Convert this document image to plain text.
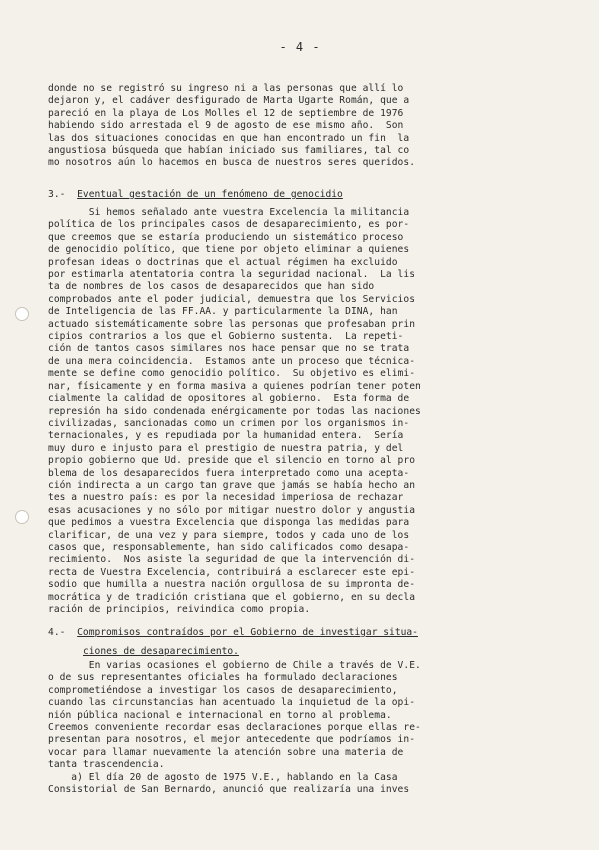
- 4 -
donde no se registró su ingreso ni a las personas que allí lo
dejaron y, el cadáver desfigurado de Marta Ugarte Román, que a
pareció en la playa de Los Molles el 12 de septiembre de 1976
habiendo sido arrestada el 9 de agosto de ese mismo año.  Son
las dos situaciones conocidas en que han encontrado un fin  la
angustiosa búsqueda que habían iniciado sus familiares, tal co
mo nosotros aún lo hacemos en busca de nuestros seres queridos.
3.- Eventual gestación de un fenómeno de genocidio
Si hemos señalado ante vuestra Excelencia la militancia
política de los principales casos de desaparecimiento, es por-
que creemos que se estaría produciendo un sistemático proceso
de genocidio político, que tiene por objeto eliminar a quienes
profesan ideas o doctrinas que el actual régimen ha excluido
por estimarla atentatoria contra la seguridad nacional.  La lis
ta de nombres de los casos de desaparecidos que han sido
comprobados ante el poder judicial, demuestra que los Servicios
de Inteligencia de las FF.AA. y particularmente la DINA, han
actuado sistemáticamente sobre las personas que profesaban prin
cipios contrarios a los que el Gobierno sustenta.  La repeti-
ción de tantos casos similares nos hace pensar que no se trata
de una mera coincidencia.  Estamos ante un proceso que técnica-
mente se define como genocidio político.  Su objetivo es elimi-
nar, físicamente y en forma masiva a quienes podrían tener poten
cialmente la calidad de opositores al gobierno.  Esta forma de
represión ha sido condenada enérgicamente por todas las naciones
civilizadas, sancionadas como un crimen por los organismos in-
ternacionales, y es repudiada por la humanidad entera.  Sería
muy duro e injusto para el prestigio de nuestra patria, y del
propio gobierno que Ud. preside que el silencio en torno al pro
blema de los desaparecidos fuera interpretado como una acepta-
ción indirecta a un cargo tan grave que jamás se había hecho an
tes a nuestro país: es por la necesidad imperiosa de rechazar
esas acusaciones y no sólo por mitigar nuestro dolor y angustia
que pedimos a vuestra Excelencia que disponga las medidas para
clarificar, de una vez y para siempre, todos y cada uno de los
casos que, responsablemente, han sido calificados como desapa-
recimiento.  Nos asiste la seguridad de que la intervención di-
recta de Vuestra Excelencia, contribuirá a esclarecer este epi-
sodio que humilla a nuestra nación orgullosa de su impronta de-
mocrática y de tradición cristiana que el gobierno, en su decla
ración de principios, reivindica como propia.
4.- Compromisos contraídos por el Gobierno de investigar situa-
ciones de desaparecimiento.
En varias ocasiones el gobierno de Chile a través de V.E.
o de sus representantes oficiales ha formulado declaraciones
comprometiéndose a investigar los casos de desaparecimiento,
cuando las circunstancias han acentuado la inquietud de la opi-
nión pública nacional e internacional en torno al problema.
Creemos conveniente recordar esas declaraciones porque ellas re-
presentan para nosotros, el mejor antecedente que podríamos in-
vocar para llamar nuevamente la atención sobre una materia de
tanta trascendencia.
a) El día 20 de agosto de 1975 V.E., hablando en la Casa
Consistorial de San Bernardo, anunció que realizaría una inves
